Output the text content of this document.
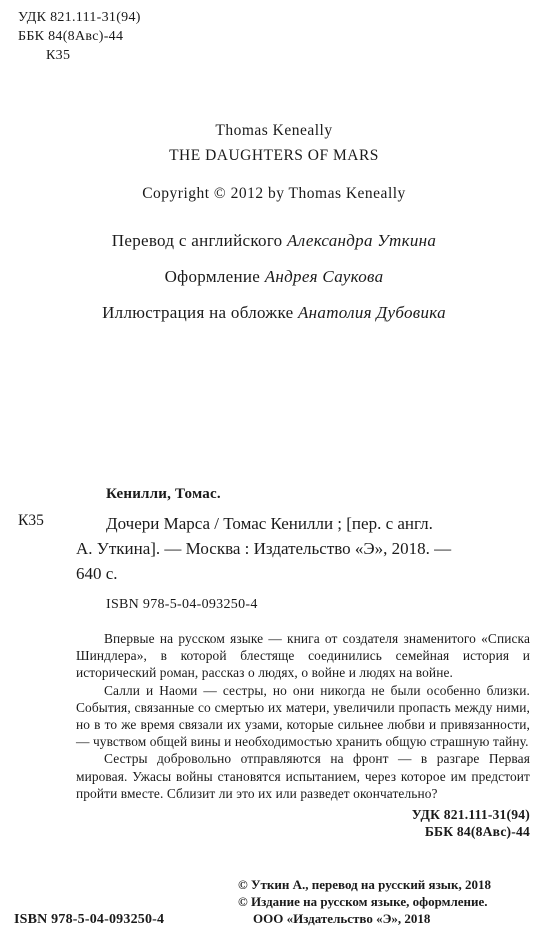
УДК 821.111-31(94)
ББК 84(8Авс)-44
К35
Thomas Keneally
THE DAUGHTERS OF MARS
Copyright © 2012 by Thomas Keneally
Перевод с английского Александра Уткина
Оформление Андрея Саукова
Иллюстрация на обложке Анатолия Дубовика
Кенилли, Томас.
К35	Дочери Марса / Томас Кенилли ; [пер. с англ.
А. Уткина]. — Москва : Издательство «Э», 2018. —
640 с.
ISBN 978-5-04-093250-4

Впервые на русском языке — книга от создателя знаменитого «Списка Шиндлера», в которой блестяще соединились семейная история и исторический роман, рассказ о людях, о войне и людях на войне.

Салли и Наоми — сестры, но они никогда не были особенно близки. События, связанные со смертью их матери, увеличили пропасть между ними, но в то же время связали их узами, которые сильнее любви и привязанности, — чувством общей вины и необходимостью хранить общую страшную тайну.

Сестры добровольно отправляются на фронт — в разгаре Первая мировая. Ужасы войны становятся испытанием, через которое им предстоит пройти вместе. Сблизит ли это их или разведет окончательно?

УДК 821.111-31(94)
ББК 84(8Авс)-44
© Уткин А., перевод на русский язык, 2018
© Издание на русском языке, оформление.
ООО «Издательство «Э», 2018
ISBN 978-5-04-093250-4
